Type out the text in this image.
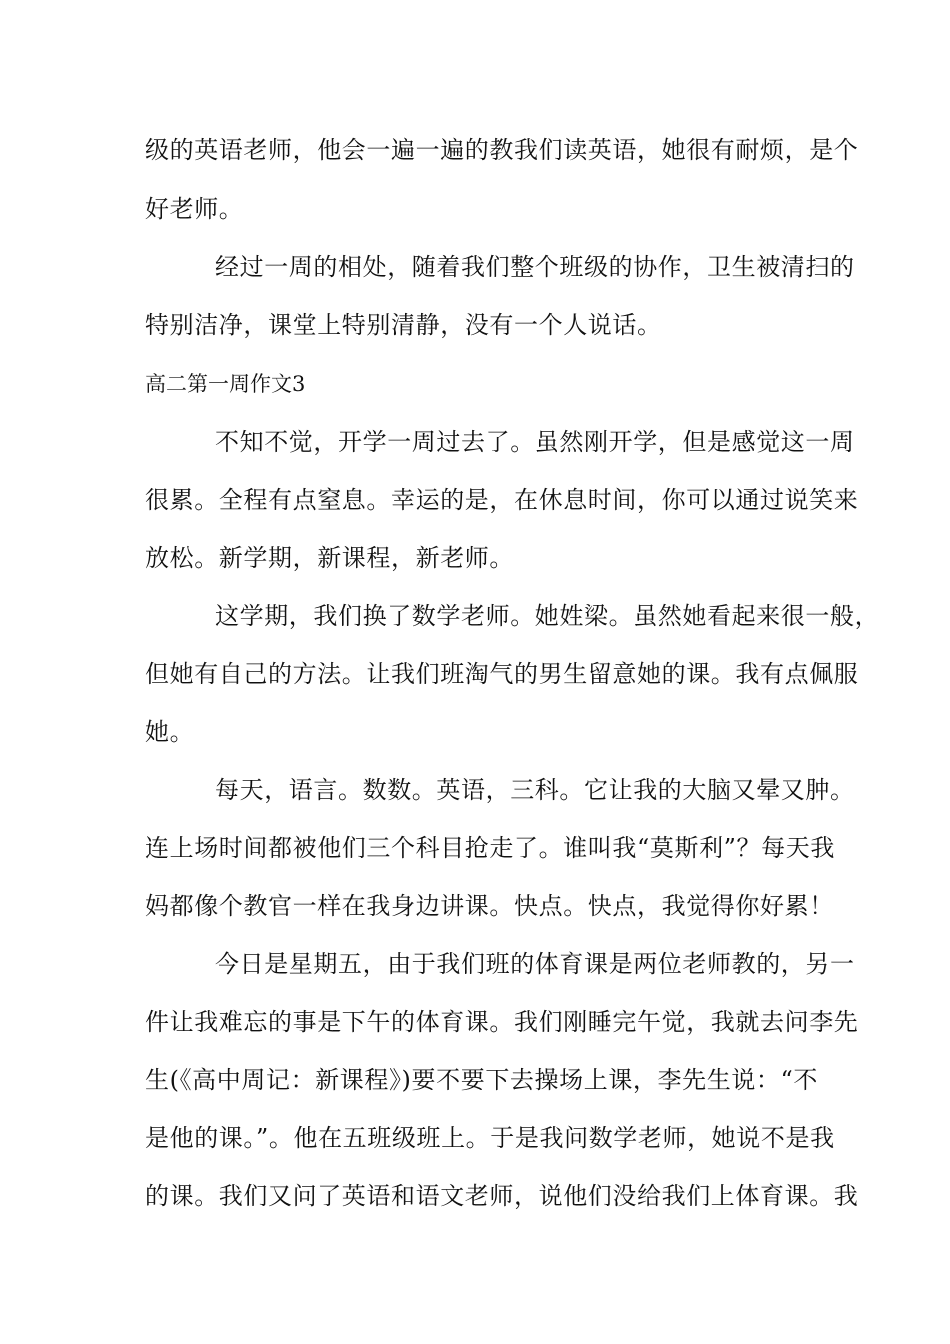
级的英语老师，他会一遍一遍的教我们读英语，她很有耐烦，是个
好老师。
经过一周的相处，随着我们整个班级的协作，卫生被清扫的
特别洁净，课堂上特别清静，没有一个人说话。
高二第一周作文3
不知不觉，开学一周过去了。虽然刚开学，但是感觉这一周
很累。全程有点窒息。幸运的是，在休息时间，你可以通过说笑来
放松。新学期，新课程，新老师。
这学期，我们换了数学老师。她姓梁。虽然她看起来很一般，
但她有自己的方法。让我们班淘气的男生留意她的课。我有点佩服
她。
每天，语言。数数。英语，三科。它让我的大脑又晕又肿。
连上场时间都被他们三个科目抢走了。谁叫我“莫斯利”？每天我
妈都像个教官一样在我身边讲课。快点。快点，我觉得你好累！
今日是星期五，由于我们班的体育课是两位老师教的，另一
件让我难忘的事是下午的体育课。我们刚睡完午觉，我就去问李先
生(《高中周记：新课程》)要不要下去操场上课，李先生说：“不
是他的课。”。他在五班级班上。于是我问数学老师，她说不是我
的课。我们又问了英语和语文老师，说他们没给我们上体育课。我
